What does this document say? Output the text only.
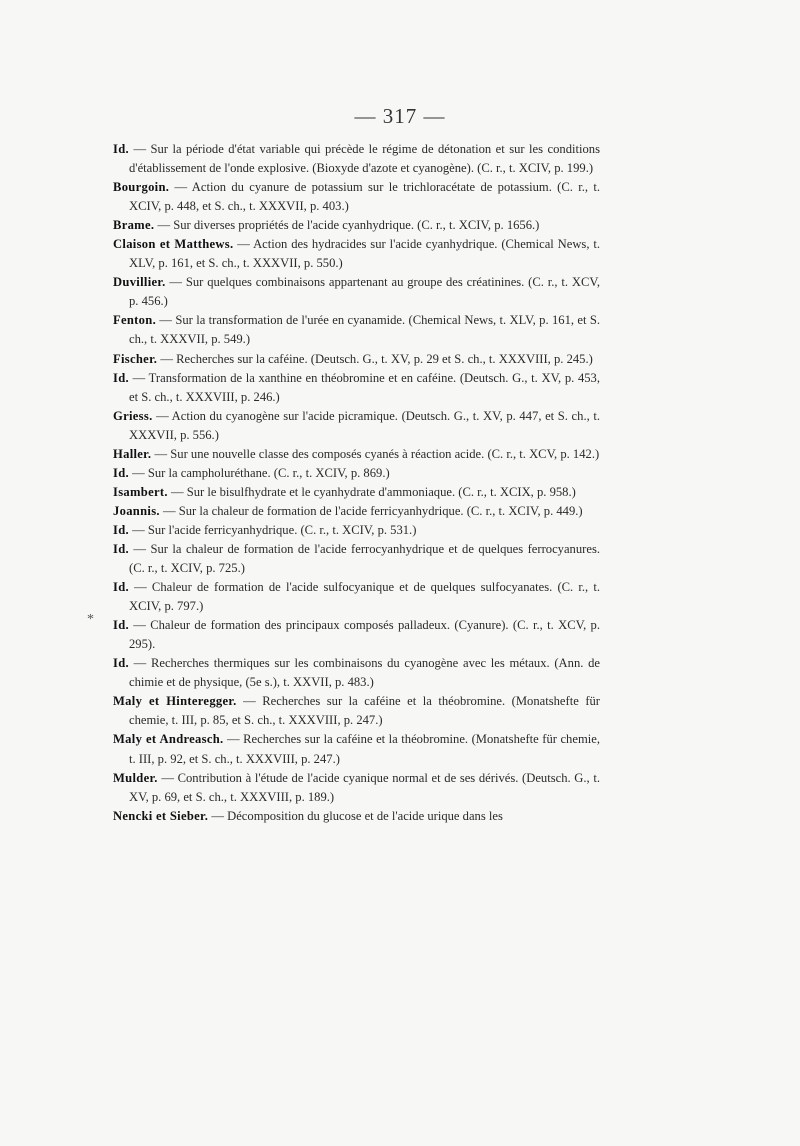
— 317 —
*

Id. — Sur la période d'état variable qui précède le régime de détonation et sur les conditions d'établissement de l'onde explosive. (Bioxyde d'azote et cyanogène). (C. r., t. XCIV, p. 199.)

Bourgoin. — Action du cyanure de potassium sur le trichloracétate de potassium. (C. r., t. XCIV, p. 448, et S. ch., t. XXXVII, p. 403.)

Brame. — Sur diverses propriétés de l'acide cyanhydrique. (C. r., t. XCIV, p. 1656.)

Claison et Matthews. — Action des hydracides sur l'acide cyanhydrique. (Chemical News, t. XLV, p. 161, et S. ch., t. XXXVII, p. 550.)

Duvillier. — Sur quelques combinaisons appartenant au groupe des créatinines. (C. r., t. XCV, p. 456.)

Fenton. — Sur la transformation de l'urée en cyanamide. (Chemical News, t. XLV, p. 161, et S. ch., t. XXXVII, p. 549.)

Fischer. — Recherches sur la caféine. (Deutsch. G., t. XV, p. 29 et S. ch., t. XXXVIII, p. 245.)

Id. — Transformation de la xanthine en théobromine et en caféine. (Deutsch. G., t. XV, p. 453, et S. ch., t. XXXVIII, p. 246.)

Griess. — Action du cyanogène sur l'acide picramique. (Deutsch. G., t. XV, p. 447, et S. ch., t. XXXVII, p. 556.)

Haller. — Sur une nouvelle classe des composés cyanés à réaction acide. (C. r., t. XCV, p. 142.)

Id. — Sur la campholuréthane. (C. r., t. XCIV, p. 869.)

Isambert. — Sur le bisulfhydrate et le cyanhydrate d'ammoniaque. (C. r., t. XCIX, p. 958.)

Joannis. — Sur la chaleur de formation de l'acide ferricyanhydrique. (C. r., t. XCIV, p. 449.)

Id. — Sur l'acide ferricyanhydrique. (C. r., t. XCIV, p. 531.)

Id. — Sur la chaleur de formation de l'acide ferrocyanhydrique et de quelques ferrocyanures. (C. r., t. XCIV, p. 725.)

Id. — Chaleur de formation de l'acide sulfocyanique et de quelques sulfocyanates. (C. r., t. XCIV, p. 797.)

Id. — Chaleur de formation des principaux composés palladeux. (Cyanure). (C. r., t. XCV, p. 295).

Id. — Recherches thermiques sur les combinaisons du cyanogène avec les métaux. (Ann. de chimie et de physique, (5e s.), t. XXVII, p. 483.)

Maly et Hinteregger. — Recherches sur la caféine et la théobromine. (Monatshefte für chemie, t. III, p. 85, et S. ch., t. XXXVIII, p. 247.)

Maly et Andreasch. — Recherches sur la caféine et la théobromine. (Monatshefte für chemie, t. III, p. 92, et S. ch., t. XXXVIII, p. 247.)

Mulder. — Contribution à l'étude de l'acide cyanique normal et de ses dérivés. (Deutsch. G., t. XV, p. 69, et S. ch., t. XXXVIII, p. 189.)

Nencki et Sieber. — Décomposition du glucose et de l'acide urique dans les
